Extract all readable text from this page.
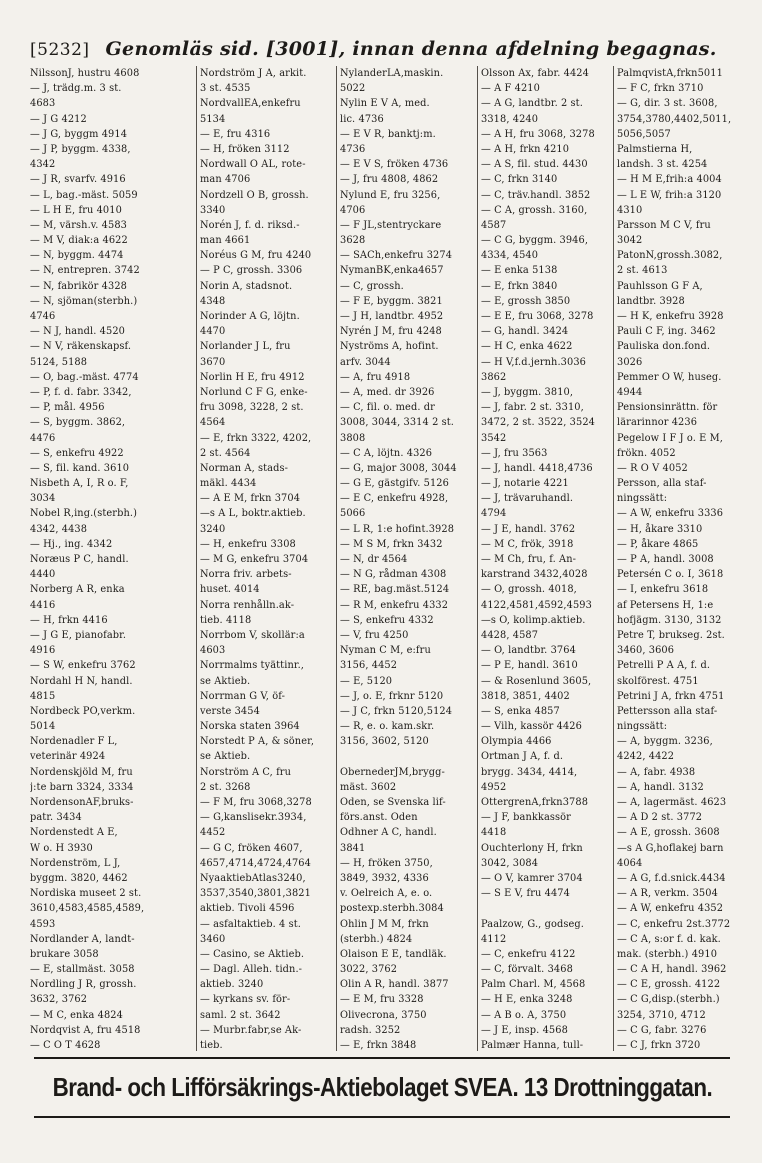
[5232] Genomläs sid. [3001], innan denna afdelning begagnas.
NilssonJ, hustru 4608
— J, trädg.m. 3 st.
4683
— J G 4212
— J G, byggm 4914
— J P, byggm. 4338,
4342
— J R, svarfv. 4916
— L, bag.-mäst. 5059
— L H E, fru 4010
— M, värsh.v. 4583
— M V, diak:a 4622
— N, byggm. 4474
— N, entrepren. 3742
— N, fabrikör 4328
— N, sjöman(sterbh.)
4746
— N J, handl. 4520
— N V, räkenskapsf.
5124, 5188
— O, bag.-mäst. 4774
— P, f. d. fabr. 3342,
— P, mål. 4956
— S, byggm. 3862,
4476
— S, enkefru 4922
— S, fil. kand. 3610
Nisbeth A, I, R o. F,
3034
Nobel R,ing.(sterbh.)
4342, 4438
— Hj., ing. 4342
Noræus P C, handl.
4440
Norberg A R, enka
4416
— H, frkn 4416
— J G E, pianofabr.
4916
— S W, enkefru 3762
Nordahl H N, handl.
4815
Nordbeck PO,verkm.
5014
Nordenadler F L,
veterinär 4924
Nordenskjöld M, fru
j:te barn 3324, 3334
NordensonAF,bruks-
patr. 3434
Nordenstedt A E,
W o. H 3930
Nordenström, L J,
byggm. 3820, 4462
Nordiska museet 2 st.
3610,4583,4585,4589,
4593
Nordlander A, landt-
brukare 3058
— E, stallmäst. 3058
Nordling J R, grossh.
3632, 3762
— M C, enka 4824
Nordqvist A, fru 4518
— C O T 4628
Nordström J A, arkit.
3 st. 4535
NordvallEA,enkefru
5134
— E, fru 4316
— H, fröken 3112
Nordwall O AL, rote-
man 4706
Nordzell O B, grossh.
3340
Norén J, f. d. riksd.-
man 4661
Noréus G M, fru 4240
— P C, grossh. 3306
Norin A, stadsnot.
4348
Norinder A G, löjtn.
4470
Norlander J L, fru
3670
Norlin H E, fru 4912
Norlund C F G, enke-
fru 3098, 3228, 2 st.
4564
— E, frkn 3322, 4202,
2 st. 4564
Norman A, stads-
mäkl. 4434
— A E M, frkn 3704
—s A L, boktr.aktieb.
3240
— H, enkefru 3308
— M G, enkefru 3704
Norra friv. arbets-
huset. 4014
Norra renhålln.ak-
tieb. 4118
Norrbom V, skollär:a
4603
Norrmalms tyättinr.,
se Aktieb.
Norrman G V, öf-
verste 3454
Norska staten 3964
Norstedt P A, & söner,
se Aktieb.
Norström A C, fru
2 st. 3268
— F M, fru 3068,3278
— G,kanslisekr.3934,
4452
— G C, fröken 4607,
4657,4714,4724,4764
NyaaktiebAtlas3240,
3537,3540,3801,3821
aktieb. Tivoli 4596
— asfaltaktieb. 4 st.
3460
— Casino, se Aktieb.
— Dagl. Alleh. tidn.-
aktieb. 3240
— kyrkans sv. för-
saml. 2 st. 3642
— Murbr.fabr,se Ak-
tieb.
NylanderLA,maskin.
5022
Nylin E V A, med.
lic. 4736
— E V R, banktj:m.
4736
— E V S, fröken 4736
— J, fru 4808, 4862
Nylund E, fru 3256,
4706
— F JL,stentryckare
3628
— SACh,enkefru 3274
NymanBK,enka4657
— C, grossh.
— F E, byggm. 3821
— J H, landtbr. 4952
Nyrén J M, fru 4248
Nyströms A, hofint.
arfv. 3044
— A, fru 4918
— A, med. dr 3926
— C, fil. o. med. dr
3008, 3044, 3314 2 st.
3808
— C A, löjtn. 4326
— G, major 3008, 3044
— G E, gästgifv. 5126
— E C, enkefru 4928,
5066
— L R, 1:e hofint.3928
— M S M, frkn 3432
— N, dr 4564
— N G, rådman 4308
— RE, bag.mäst.5124
— R M, enkefru 4332
— S, enkefru 4332
— V, fru 4250
Nyman C M, e:fru
3156, 4452
— E, 5120
— J, o. E, frknr 5120
— J C, frkn 5120,5124
— R, e. o. kam.skr.
3156, 3602, 5120
ObernederJM,brygg-
mäst. 3602
Oden, se Svenska lif-
förs.anst. Oden
Odhner A C, handl.
3841
— H, fröken 3750,
3849, 3932, 4336
v. Oelreich A, e. o.
postexp.sterbh.3084
Ohlin J M M, frkn
(sterbh.) 4824
Olaison E E, tandläk.
3022, 3762
Olin A R, handl. 3877
— E M, fru 3328
Olivecrona, 3750
radsh. 3252
— E, frkn 3848
Olsson Ax, fabr. 4424
— A F 4210
— A G, landtbr. 2 st.
3318, 4240
— A H, fru 3068, 3278
— A H, frkn 4210
— A S, fil. stud. 4430
— C, frkn 3140
— C, träv.handl. 3852
— C A, grossh. 3160,
4587
— C G, byggm. 3946,
4334, 4540
— E enka 5138
— E, frkn 3840
— E, grossh 3850
— E E, fru 3068, 3278
— G, handl. 3424
— H C, enka 4622
— H V,f.d.jernh.3036
3862
— J, byggm. 3810,
— J, fabr. 2 st. 3310,
3472, 2 st. 3522, 3524
3542
— J, fru 3563
— J, handl. 4418,4736
— J, notarie 4221
— J, trävaruhandl.
4794
— J E, handl. 3762
— M C, frök, 3918
— M Ch, fru, f. An-
karstrand 3432,4028
— O, grossh. 4018,
4122,4581,4592,4593
—s O, kolimp.aktieb.
4428, 4587
— O, landtbr. 3764
— P E, handl. 3610
— & Rosenlund 3605,
3818, 3851, 4402
— S, enka 4857
— Vilh, kassör 4426
Olympia 4466
Ortman J A, f. d.
brygg. 3434, 4414,
4952
OttergrenA,frkn3788
— J F, bankkassör
4418
Ouchterlony H, frkn
3042, 3084
— O V, kamrer 3704
— S E V, fru 4474
Paalzow, G., godseg.
4112
— C, enkefru 4122
— C, förvalt. 3468
Palm Charl. M, 4568
— H E, enka 3248
— A B o. A, 3750
— J E, insp. 4568
Palmær Hanna, tull-
PalmqvistA,frkn5011
— F C, frkn 3710
— G, dir. 3 st. 3608,
3754,3780,4402,5011,
5056,5057
Palmstierna H,
landsh. 3 st. 4254
— H M E,frih:a 4004
— L E W, frih:a 3120
4310
Parsson M C V, fru
3042
PatonN,grossh.3082,
2 st. 4613
Pauhlsson G F A,
landtbr. 3928
— H K, enkefru 3928
Pauli C F, ing. 3462
Pauliska don.fond.
3026
Pemmer O W, huseg.
4944
Pensionsinrättn. för
lärarinnor 4236
Pegelow I F J o. E M,
frökn. 4052
— R O V 4052
Persson, alla staf-
ningssätt:
— A W, enkefru 3336
— H, åkare 3310
— P, åkare 4865
— P A, handl. 3008
Petersén C o. I, 3618
— I, enkefru 3618
af Petersens H, 1:e
hofjägm. 3130, 3132
Petre T, brukseg. 2st.
3460, 3606
Petrelli P A A, f. d.
skolförest. 4751
Petrini J A, frkn 4751
Pettersson alla staf-
ningssätt:
— A, byggm. 3236,
4242, 4422
— A, fabr. 4938
— A, handl. 3132
— A, lagermäst. 4623
— A D 2 st. 3772
— A E, grossh. 3608
—s A G,hoflakej barn
4064
— A G, f.d.snick.4434
— A R, verkm. 3504
— A W, enkefru 4352
— C, enkefru 2st.3772
— C A, s:or f. d. kak.
mak. (sterbh.) 4910
— C A H, handl. 3962
— C E, grossh. 4122
— C G,disp.(sterbh.)
3254, 3710, 4712
— C G, fabr. 3276
— C J, frkn 3720
Brand- och Lifförsäkrings-Aktiebolaget SVEA. 13 Drottninggatan.
